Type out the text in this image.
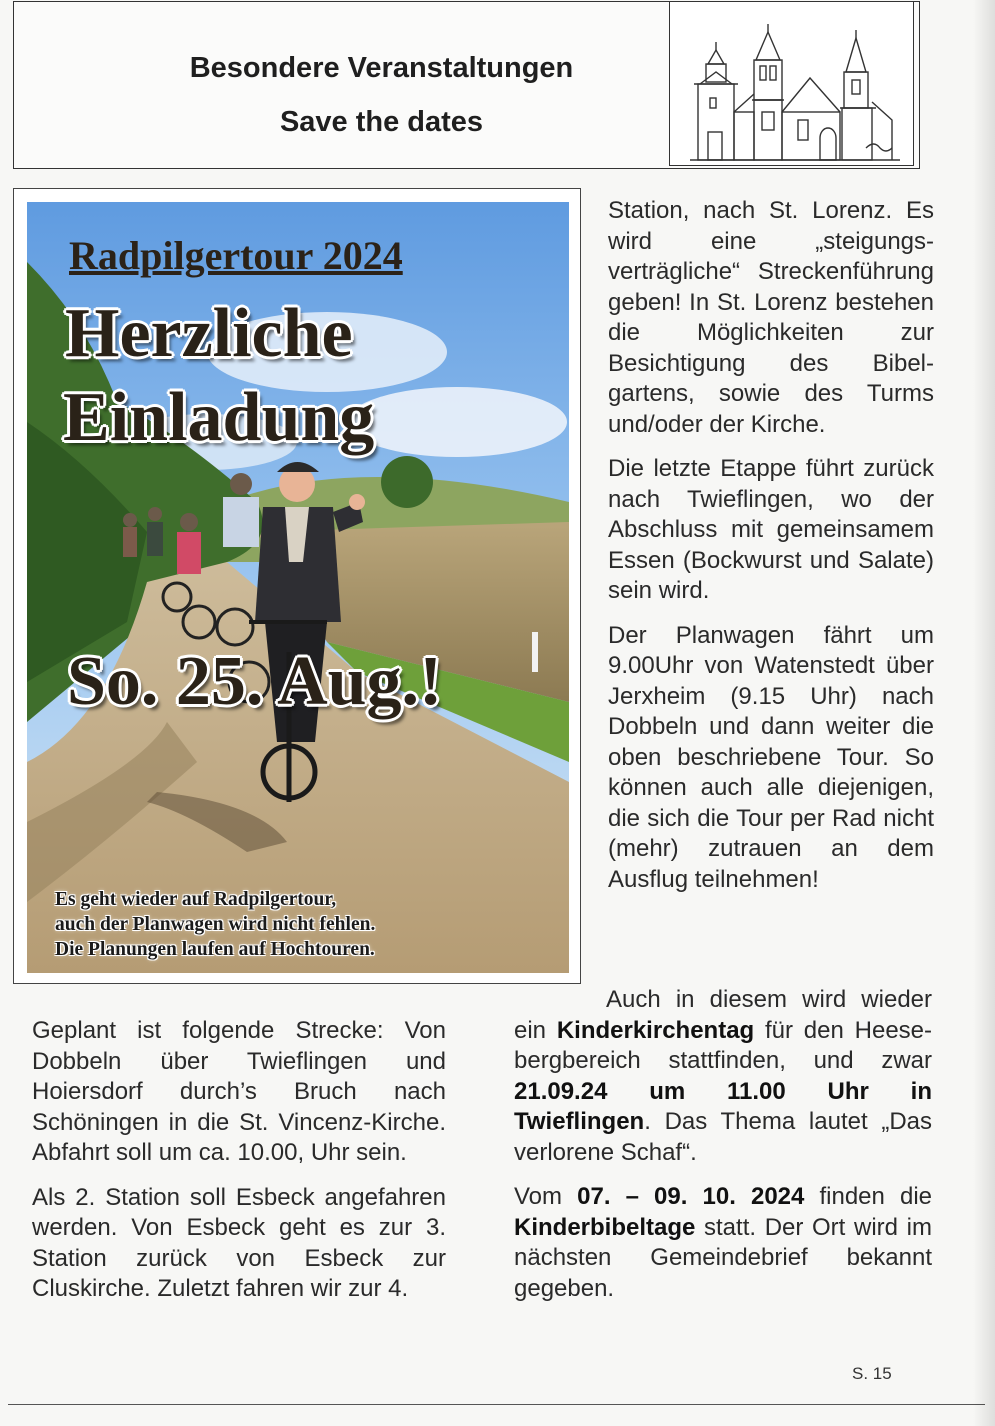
Besondere Veranstaltungen
Save the dates
Radpilgertour 2024
Herzliche
Einladung
So. 25. Aug.!
Es geht wieder auf Radpilgertour,
auch der Planwagen wird nicht fehlen.
Die Planungen laufen auf Hochtouren.

Station, nach St. Lorenz. Es wird eine „steigungs-verträgliche“ Streckenführung geben! In St. Lorenz bestehen die Möglichkeiten zur Besichtigung des Bibel-gartens, sowie des Turms und/oder der Kirche.

Die letzte Etappe führt zurück nach Twieflingen, wo der Abschluss mit gemeinsamem Essen (Bockwurst und Salate) sein wird.

Der Planwagen fährt um 9.00Uhr von Watenstedt über Jerxheim (9.15 Uhr) nach Dobbeln und dann weiter die oben beschriebene Tour. So können auch alle diejenigen, die sich die Tour per Rad nicht (mehr) zutrauen an dem Ausflug teilnehmen!

Geplant ist folgende Strecke: Von Dobbeln über Twieflingen und Hoiersdorf durch’s Bruch nach Schöningen in die St. Vincenz-Kirche. Abfahrt soll um ca. 10.00, Uhr sein.

Als 2. Station soll Esbeck angefahren werden. Von Esbeck geht es zur 3. Station zurück von Esbeck zur Cluskirche. Zuletzt fahren wir zur 4.

Auch in diesem wird wieder ein Kinderkirchentag für den Heese-bergbereich stattfinden, und zwar 21.09.24 um 11.00 Uhr in Twieflingen. Das Thema lautet „Das verlorene Schaf“.

Vom 07. – 09. 10. 2024 finden die Kinderbibeltage statt. Der Ort wird im nächsten Gemeindebrief bekannt gegeben.

S. 15
